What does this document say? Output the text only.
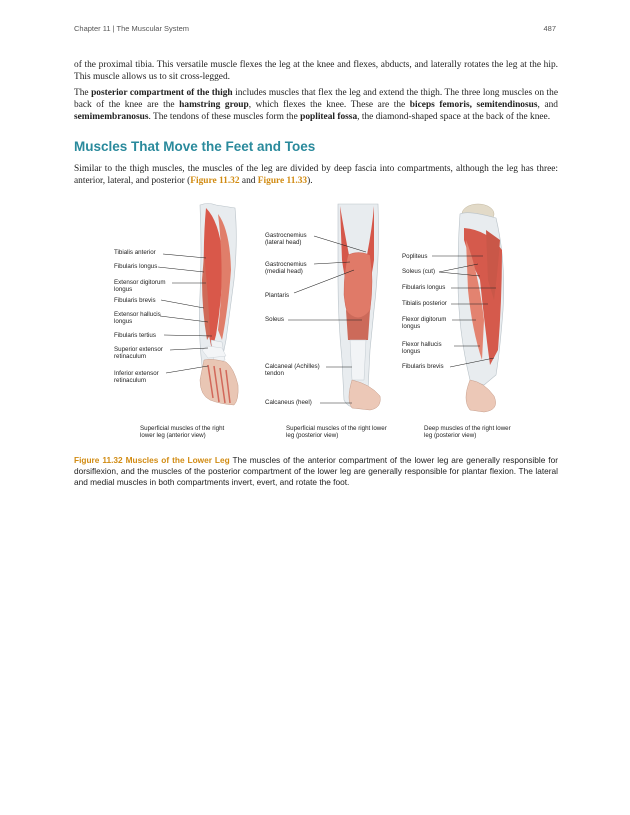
Chapter 11 | The Muscular System	487

of the proximal tibia. This versatile muscle flexes the leg at the knee and flexes, abducts, and laterally rotates the leg at the hip. This muscle allows us to sit cross-legged.

The posterior compartment of the thigh includes muscles that flex the leg and extend the thigh. The three long muscles on the back of the knee are the hamstring group, which flexes the knee. These are the biceps femoris, semitendinosus, and semimembranosus. The tendons of these muscles form the popliteal fossa, the diamond-shaped space at the back of the knee.

Muscles That Move the Feet and Toes

Similar to the thigh muscles, the muscles of the leg are divided by deep fascia into compartments, although the leg has three: anterior, lateral, and posterior (Figure 11.32 and Figure 11.33).

Tibialis anterior
Fibularis longus
Extensor digitorum longus
Fibularis brevis
Extensor hallucis longus
Fibularis tertius
Superior extensor retinaculum
Inferior extensor retinaculum
Gastrocnemius (lateral head)
Gastrocnemius (medial head)
Plantaris
Soleus
Calcaneal (Achilles) tendon
Calcaneus (heel)
Popliteus
Soleus (cut)
Fibularis longus
Tibialis posterior
Flexor digitorum longus
Flexor hallucis longus
Fibularis brevis
Superficial muscles of the right lower leg (anterior view)
Superficial muscles of the right lower leg (posterior view)
Deep muscles of the right lower leg (posterior view)

Figure 11.32 Muscles of the Lower Leg The muscles of the anterior compartment of the lower leg are generally responsible for dorsiflexion, and the muscles of the posterior compartment of the lower leg are generally responsible for plantar flexion. The lateral and medial muscles in both compartments invert, evert, and rotate the foot.
